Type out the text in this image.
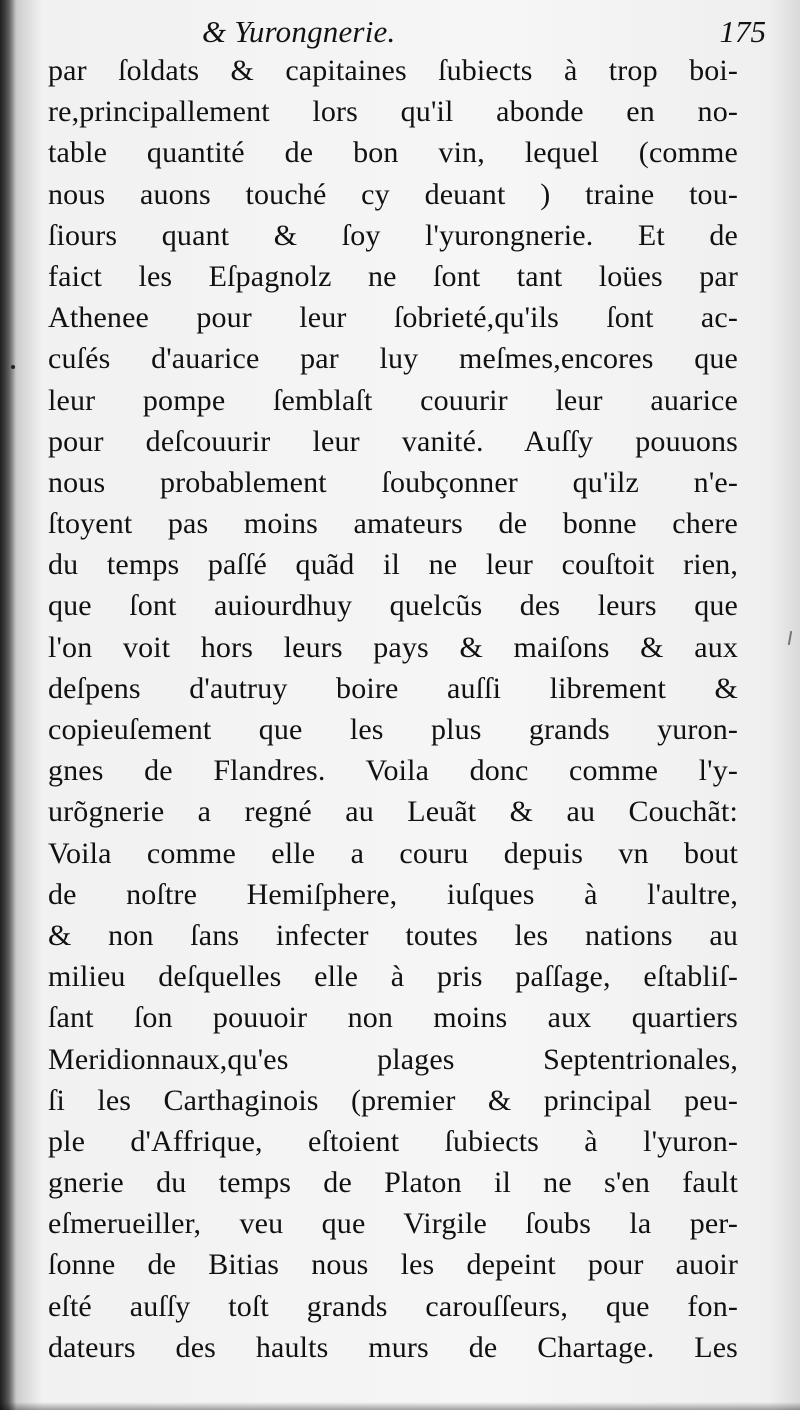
& Yurongnerie.	175
par ſoldats & capitaines ſubiects à trop boi-
re,principallement lors qu'il abonde en no-
table quantité de bon vin, lequel (comme
nous auons touché cy deuant ) traine tou-
ſiours quant & ſoy l'yurongnerie. Et de
faict les Eſpagnolz ne ſont tant loües par
Athenee pour leur ſobrieté,qu'ils ſont ac-
cuſés d'auarice par luy meſmes,encores que
leur pompe ſemblaſt couurir leur auarice
pour deſcouurir leur vanité. Auſſy pouuons
nous probablement ſoubçonner qu'ilz n'e-
ſtoyent pas moins amateurs de bonne chere
du temps paſſé quãd il ne leur couſtoit rien,
que ſont auiourdhuy quelcũs des leurs que
l'on voit hors leurs pays & maiſons & aux
deſpens d'autruy boire auſſi librement &
copieuſement que les plus grands yuron-
gnes de Flandres. Voila donc comme l'y-
urõgnerie a regné au Leuãt & au Couchãt:
Voila comme elle a couru depuis vn bout
de noſtre Hemiſphere, iuſques à l'aultre,
& non ſans infecter toutes les nations au
milieu deſquelles elle à pris paſſage, eſtabliſ-
ſant ſon pouuoir non moins aux quartiers
Meridionnaux,qu'es plages Septentrionales,
ſi les Carthaginois (premier & principal peu-
ple d'Affrique, eſtoient ſubiects à l'yuron-
gnerie du temps de Platon il ne s'en fault
eſmerueiller, veu que Virgile ſoubs la per-
ſonne de Bitias nous les depeint pour auoir
eſté auſſy toſt grands carouſſeurs, que fon-
dateurs des haults murs de Chartage. Les
